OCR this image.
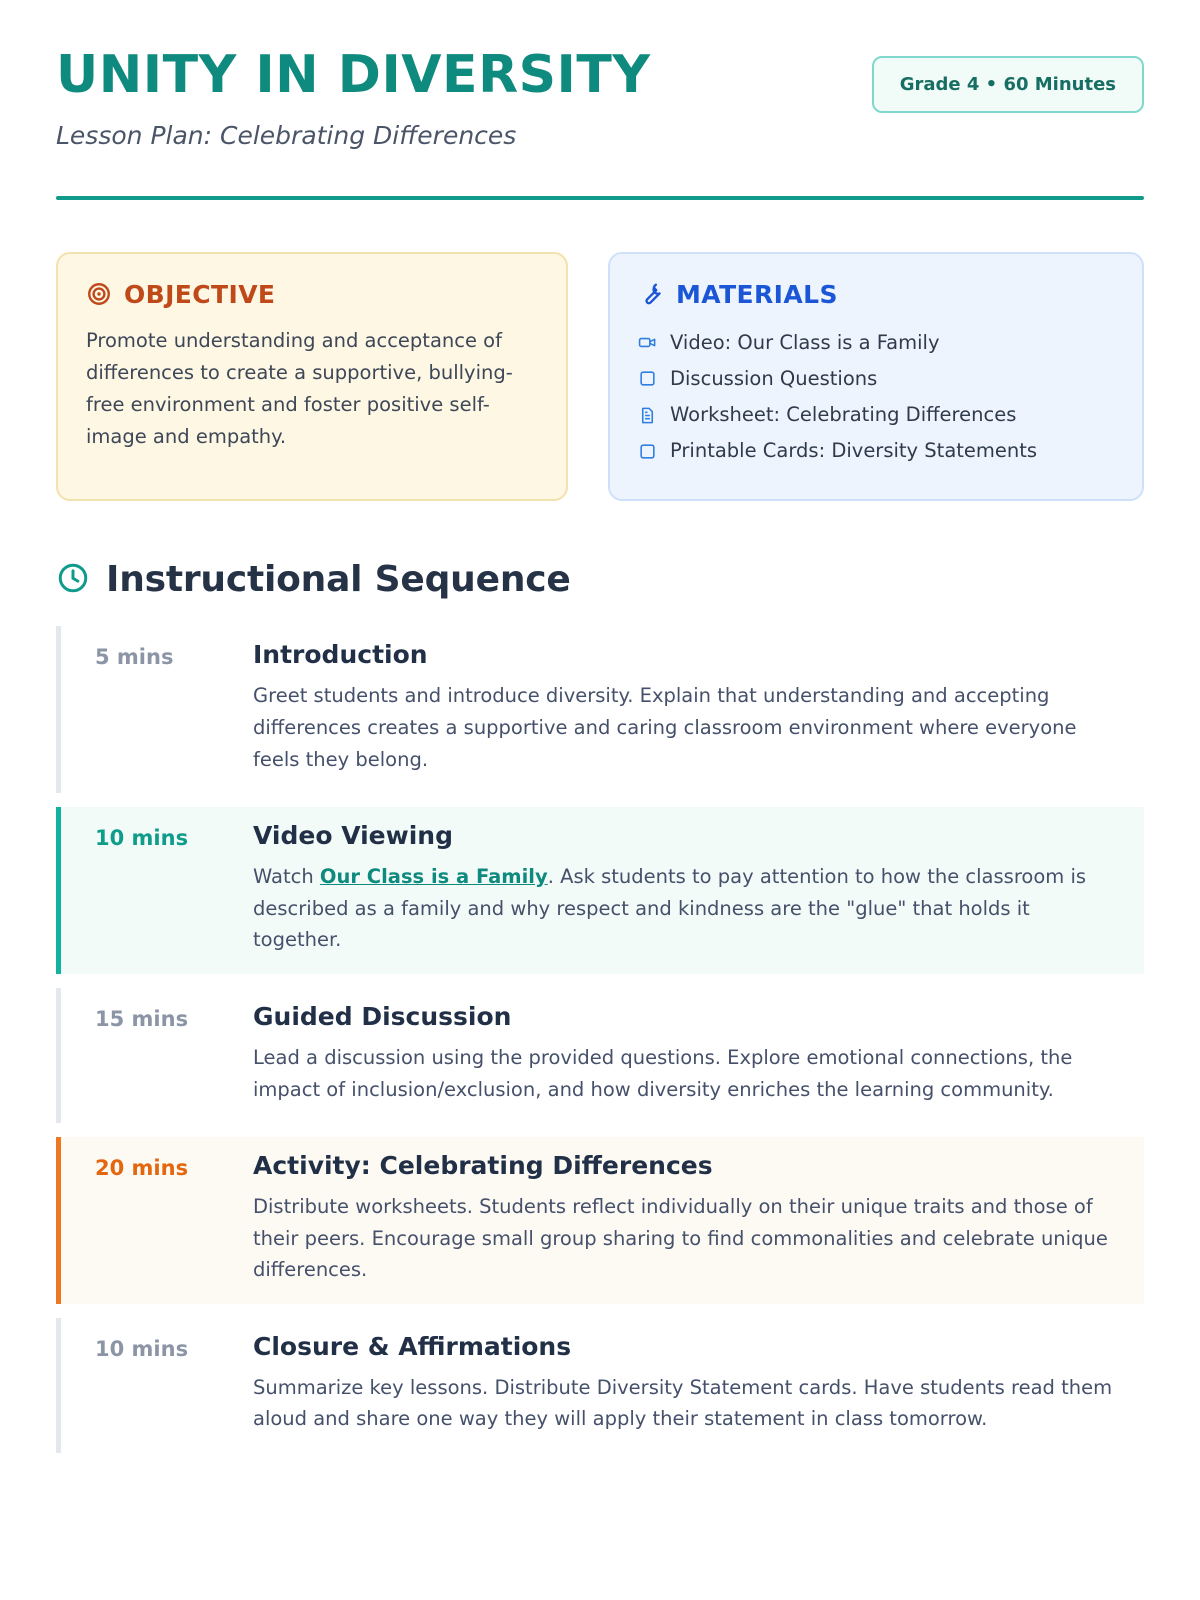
UNITY IN DIVERSITY
Lesson Plan: Celebrating Differences
Grade 4 • 60 Minutes
OBJECTIVE
Promote understanding and acceptance of differences to create a supportive, bullying-free environment and foster positive self-image and empathy.
MATERIALS
Video: Our Class is a Family
Discussion Questions
Worksheet: Celebrating Differences
Printable Cards: Diversity Statements
Instructional Sequence
5 mins	Introduction
Greet students and introduce diversity. Explain that understanding and accepting differences creates a supportive and caring classroom environment where everyone feels they belong.
10 mins	Video Viewing
Watch Our Class is a Family. Ask students to pay attention to how the classroom is described as a family and why respect and kindness are the "glue" that holds it together.
15 mins	Guided Discussion
Lead a discussion using the provided questions. Explore emotional connections, the impact of inclusion/exclusion, and how diversity enriches the learning community.
20 mins	Activity: Celebrating Differences
Distribute worksheets. Students reflect individually on their unique traits and those of their peers. Encourage small group sharing to find commonalities and celebrate unique differences.
10 mins	Closure & Affirmations
Summarize key lessons. Distribute Diversity Statement cards. Have students read them aloud and share one way they will apply their statement in class tomorrow.
